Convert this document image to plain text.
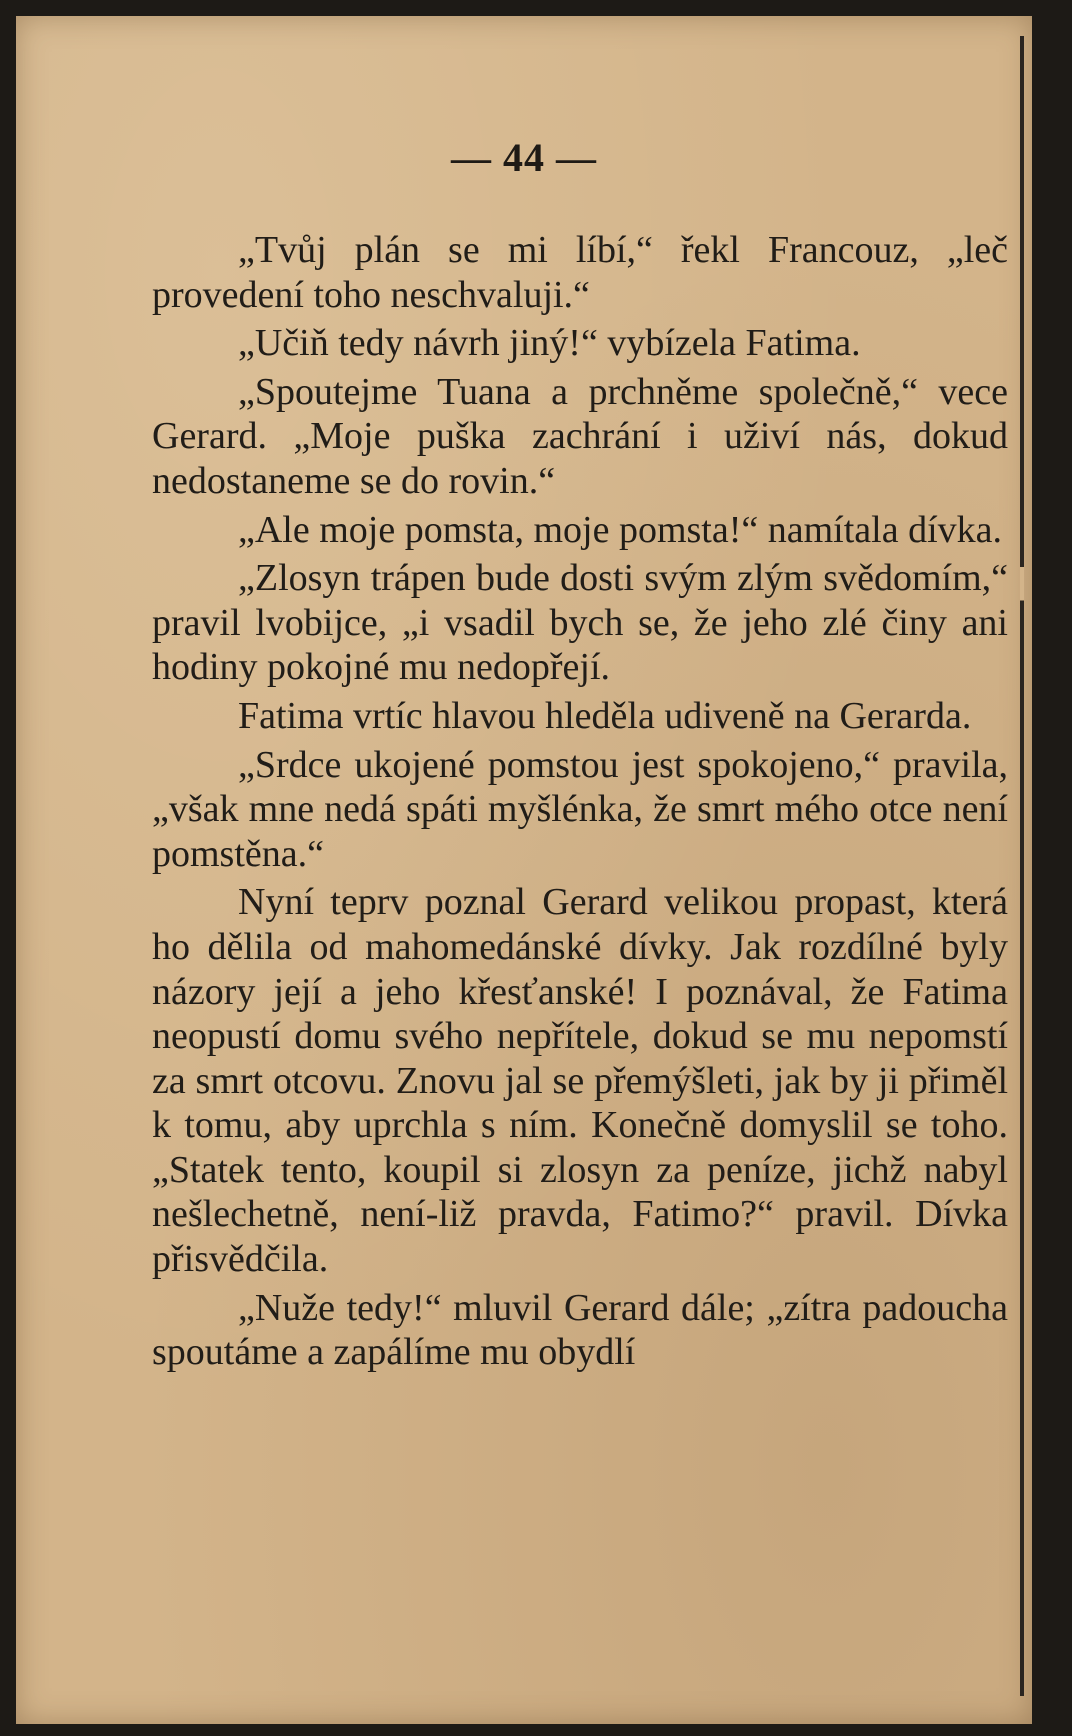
— 44 —

„Tvůj plán se mi líbí,“ řekl Francouz, „leč provedení toho neschvaluji.“

„Učiň tedy návrh jiný!“ vybízela Fatima.

„Spoutejme Tuana a prchněme společně,“ vece Gerard. „Moje puška zachrání i uživí nás, dokud nedostaneme se do rovin.“

„Ale moje pomsta, moje pomsta!“ namítala dívka.

„Zlosyn trápen bude dosti svým zlým svědomím,“ pravil lvobijce, „i vsadil bych se, že jeho zlé činy ani hodiny pokojné mu nedopřejí.

Fatima vrtíc hlavou hleděla udiveně na Gerarda.

„Srdce ukojené pomstou jest spokojeno,“ pravila, „však mne nedá spáti myšlénka, že smrt mého otce není pomstěna.“

Nyní teprv poznal Gerard velikou propast, která ho dělila od mahomedánské dívky. Jak rozdílné byly názory její a jeho křesťanské! I poznával, že Fatima neopustí domu svého nepřítele, dokud se mu nepomstí za smrt otcovu. Znovu jal se přemýšleti, jak by ji přiměl k tomu, aby uprchla s ním. Konečně domyslil se toho. „Statek tento, koupil si zlosyn za peníze, jichž nabyl nešlechetně, není-liž pravda, Fatimo?“ pravil. Dívka přisvědčila.

„Nuže tedy!“ mluvil Gerard dále; „zítra padoucha spoutáme a zapálíme mu obydlí
